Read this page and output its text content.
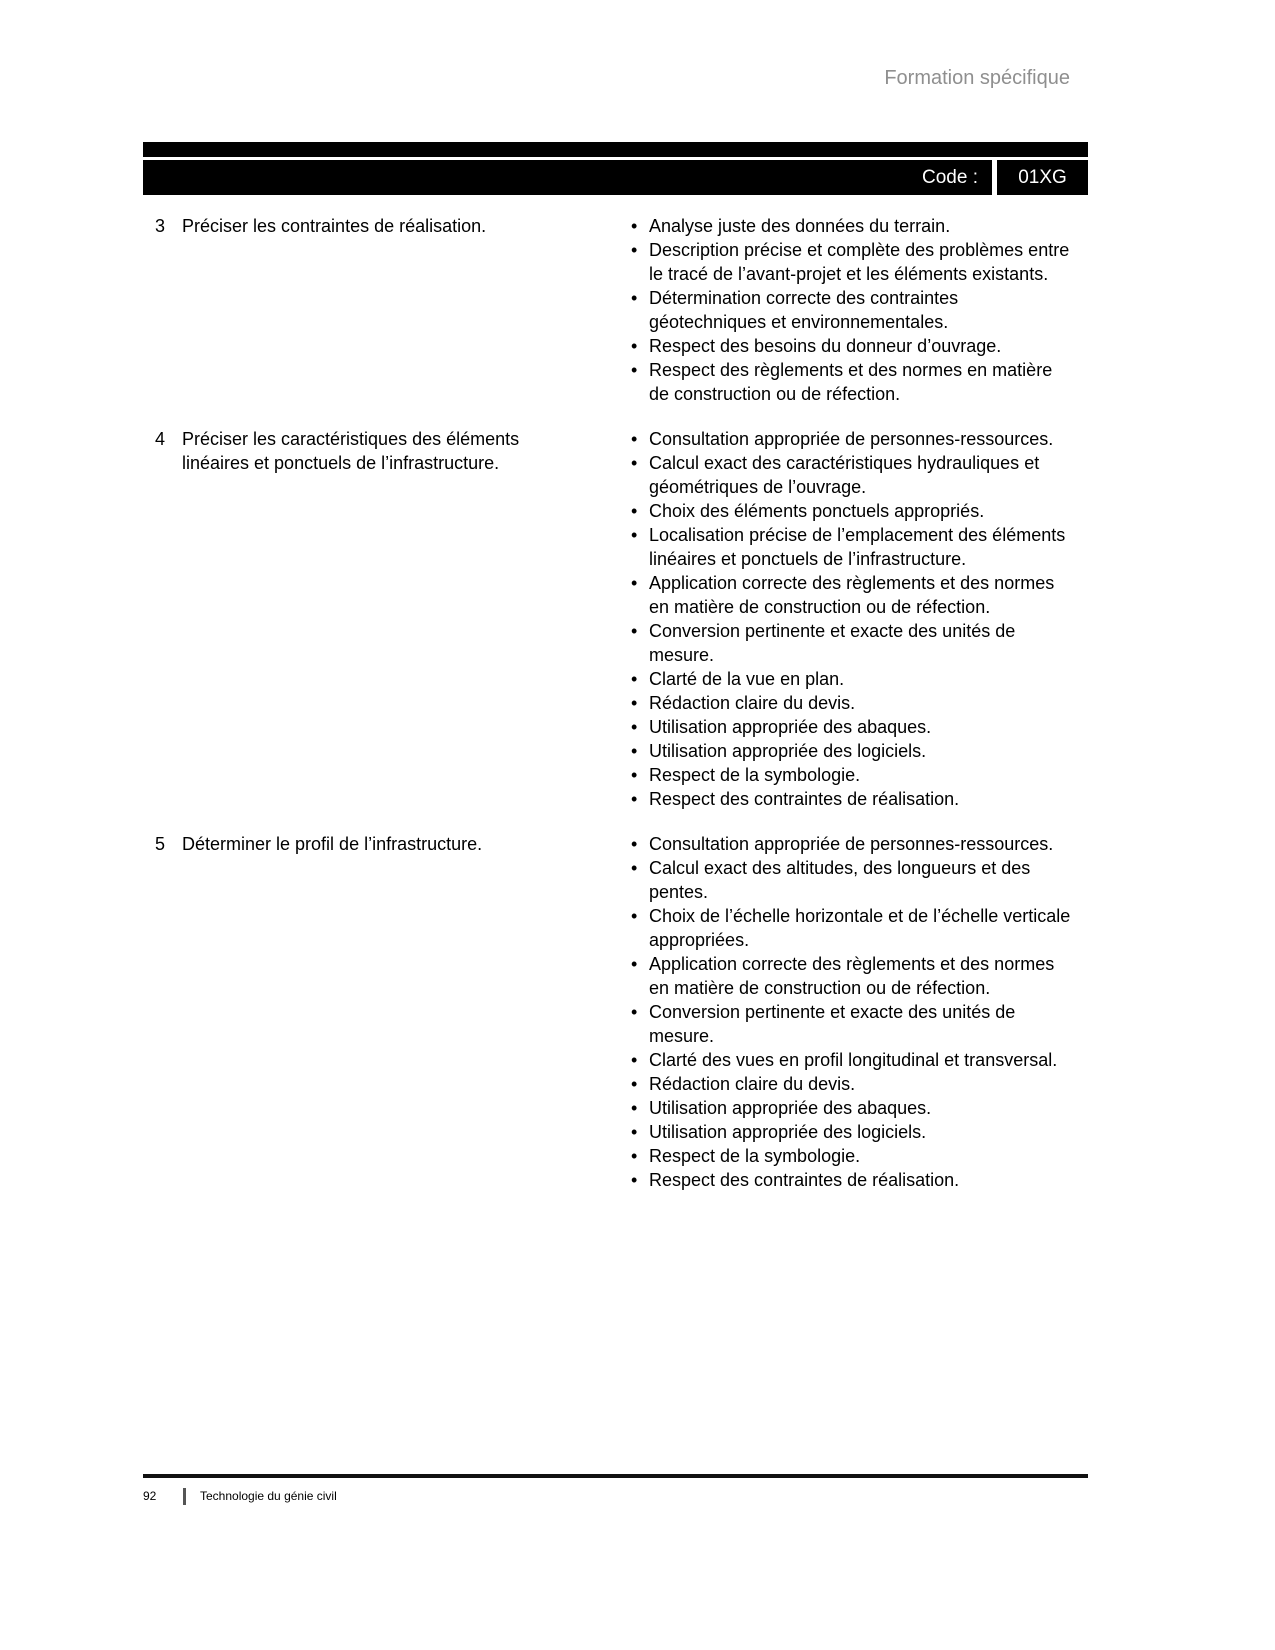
Formation spécifique
Code :	01XG
3 Préciser les contraintes de réalisation.	• Analyse juste des données du terrain.
• Description précise et complète des problèmes entre le tracé de l’avant-projet et les éléments existants.
• Détermination correcte des contraintes géotechniques et environnementales.
• Respect des besoins du donneur d’ouvrage.
• Respect des règlements et des normes en matière de construction ou de réfection.
4 Préciser les caractéristiques des éléments linéaires et ponctuels de l’infrastructure.
• Consultation appropriée de personnes-ressources.
• Calcul exact des caractéristiques hydrauliques et géométriques de l’ouvrage.
• Choix des éléments ponctuels appropriés.
• Localisation précise de l’emplacement des éléments linéaires et ponctuels de l’infrastructure.
• Application correcte des règlements et des normes en matière de construction ou de réfection.
• Conversion pertinente et exacte des unités de mesure.
• Clarté de la vue en plan.
• Rédaction claire du devis.
• Utilisation appropriée des abaques.
• Utilisation appropriée des logiciels.
• Respect de la symbologie.
• Respect des contraintes de réalisation.
5 Déterminer le profil de l’infrastructure.	• Consultation appropriée de personnes-ressources.
• Calcul exact des altitudes, des longueurs et des pentes.
• Choix de l’échelle horizontale et de l’échelle verticale appropriées.
• Application correcte des règlements et des normes en matière de construction ou de réfection.
• Conversion pertinente et exacte des unités de mesure.
• Clarté des vues en profil longitudinal et transversal.
• Rédaction claire du devis.
• Utilisation appropriée des abaques.
• Utilisation appropriée des logiciels.
• Respect de la symbologie.
• Respect des contraintes de réalisation.
92	Technologie du génie civil
